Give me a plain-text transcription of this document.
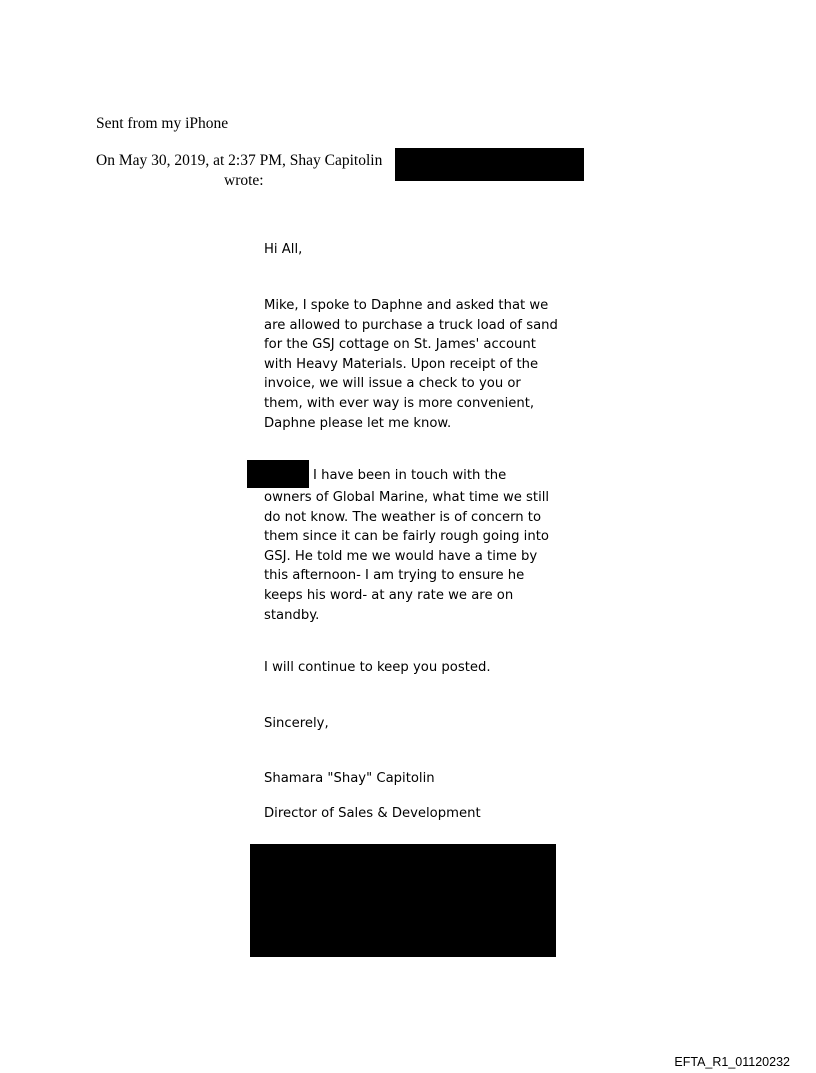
Sent from my iPhone
On May 30, 2019, at 2:37 PM, Shay Capitolin
wrote:
Hi All,
Mike, I spoke to Daphne and asked that we
are allowed to purchase a truck load of sand
for the GSJ cottage on St. James' account
with Heavy Materials. Upon receipt of the
invoice, we will issue a check to you or
them, with ever way is more convenient,
Daphne please let me know.
I have been in touch with the
owners of Global Marine, what time we still
do not know. The weather is of concern to
them since it can be fairly rough going into
GSJ. He told me we would have a time by
this afternoon- I am trying to ensure he
keeps his word- at any rate we are on
standby.
I will continue to keep you posted.
Sincerely,
Shamara "Shay" Capitolin
Director of Sales & Development
EFTA_R1_01120232
